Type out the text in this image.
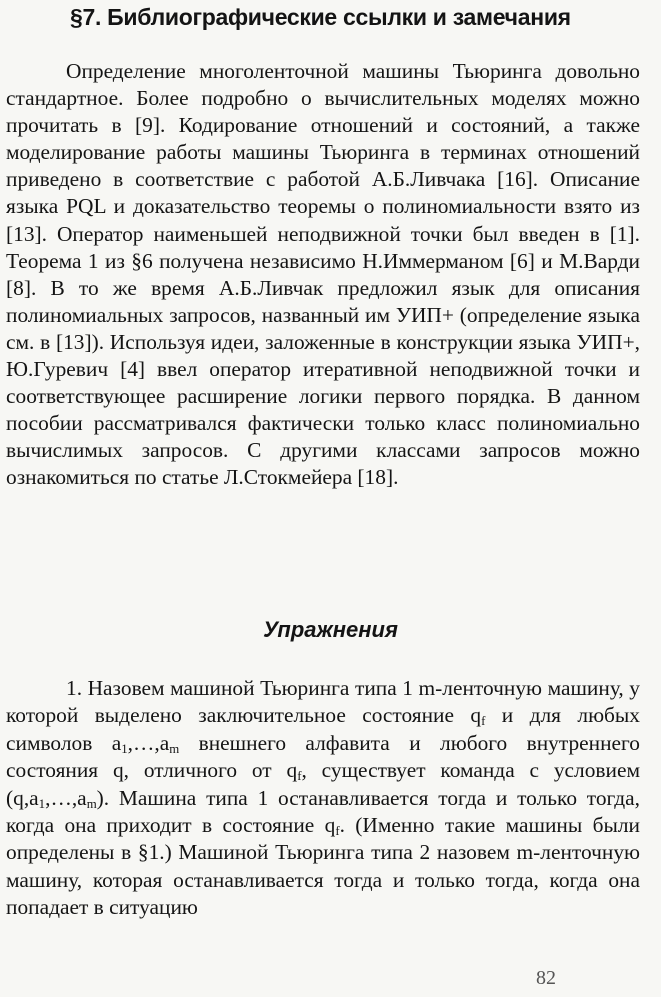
§7. Библиографические ссылки и замечания
Определение многоленточной машины Тьюринга довольно стандартное. Более подробно о вычислительных моделях можно прочитать в [9]. Кодирование отношений и состояний, а также моделирование работы машины Тьюринга в терминах отношений приведено в соответствие с работой А.Б.Ливчака [16]. Описание языка PQL и доказательство теоремы о полиномиальности взято из [13]. Оператор наименьшей неподвижной точки был введен в [1]. Теорема 1 из §6 получена независимо Н.Иммерманом [6] и М.Варди [8]. В то же время А.Б.Ливчак предложил язык для описания полиномиальных запросов, названный им УИП+ (определение языка см. в [13]). Используя идеи, заложенные в конструкции языка УИП+, Ю.Гуревич [4] ввел оператор итеративной неподвижной точки и соответствующее расширение логики первого порядка. В данном пособии рассматривался фактически только класс полиномиально вычислимых запросов. С другими классами запросов можно ознакомиться по статье Л.Стокмейера [18].
Упражнения
1. Назовем машиной Тьюринга типа 1 m-ленточную машину, у которой выделено заключительное состояние $q_f$ и для любых символов $a_1,\dots,a_m$ внешнего алфавита и любого внутреннего состояния q, отличного от $q_f$, существует команда с условием $(q,a_1,\dots,a_m)$. Машина типа 1 останавливается тогда и только тогда, когда она приходит в состояние $q_f$. (Именно такие машины были определены в §1.) Машиной Тьюринга типа 2 назовем m-ленточную машину, которая останавливается тогда и только тогда, когда она попадает в ситуацию
82
